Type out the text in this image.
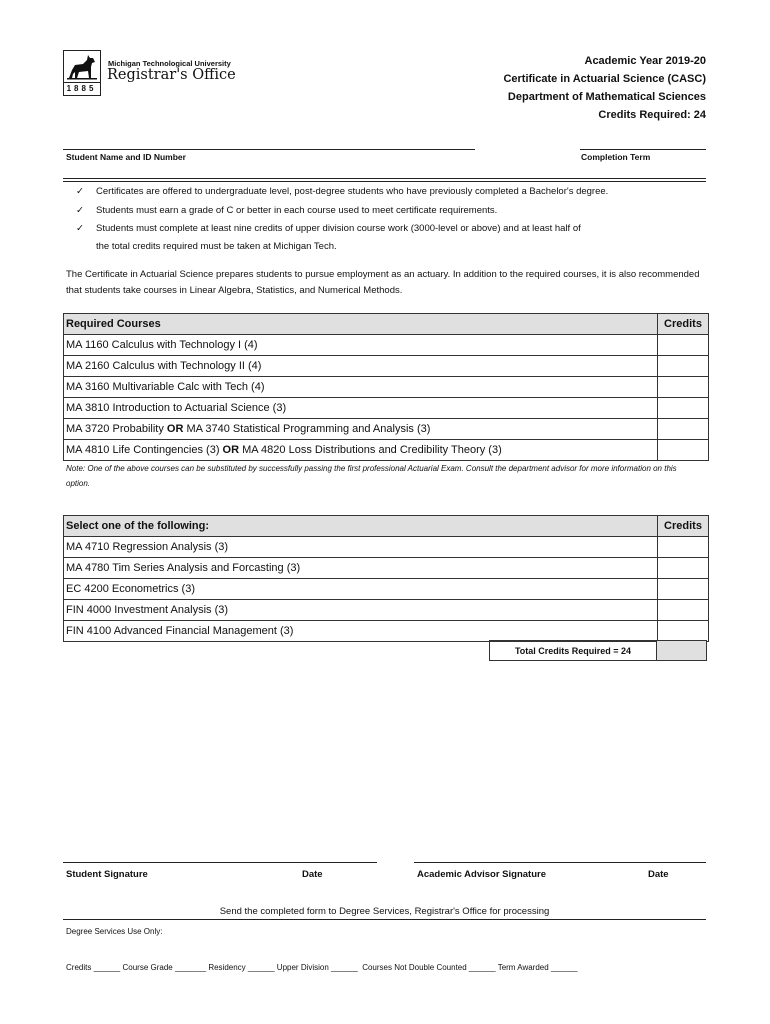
1885
Michigan Technological University
Registrar's Office
Academic Year 2019-20
Certificate in Actuarial Science (CASC)
Department of Mathematical Sciences
Credits Required: 24
Student Name and ID Number	Completion Term
✓ Certificates are offered to undergraduate level, post-degree students who have previously completed a Bachelor's degree.
✓ Students must earn a grade of C or better in each course used to meet certificate requirements.
✓ Students must complete at least nine credits of upper division course work (3000-level or above) and at least half of
the total credits required must be taken at Michigan Tech.
The Certificate in Actuarial Science prepares students to pursue employment as an actuary. In addition to the required courses, it is also recommended that students take courses in Linear Algebra, Statistics, and Numerical Methods.
Required Courses	Credits
MA 1160 Calculus with Technology I (4)	
MA 2160 Calculus with Technology II (4)	
MA 3160 Multivariable Calc with Tech (4)	
MA 3810 Introduction to Actuarial Science (3)	
MA 3720 Probability OR MA 3740 Statistical Programming and Analysis (3)	
MA 4810 Life Contingencies (3) OR MA 4820 Loss Distributions and Credibility Theory (3)	
Note: One of the above courses can be substituted by successfully passing the first professional Actuarial Exam. Consult the department advisor for more information on this option.
Select one of the following:	Credits
MA 4710 Regression Analysis (3)	
MA 4780 Tim Series Analysis and Forcasting (3)	
EC 4200 Econometrics (3)	
FIN 4000 Investment Analysis (3)	
FIN 4100 Advanced Financial Management (3)	
Total Credits Required = 24
Student Signature	Date	Academic Advisor Signature	Date
Send the completed form to Degree Services, Registrar's Office for processing
Degree Services Use Only:
Credits ______ Course Grade _______ Residency ______ Upper Division ______  Courses Not Double Counted ______ Term Awarded ______
